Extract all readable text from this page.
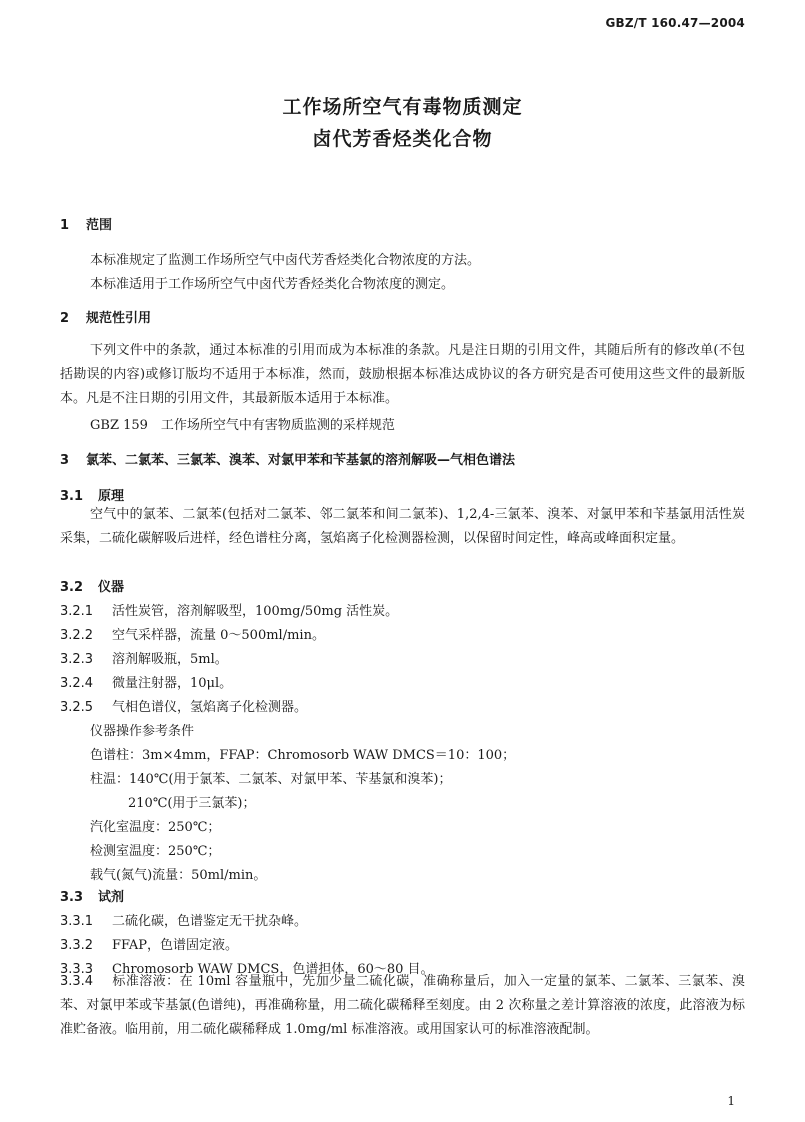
GBZ/T 160.47—2004
工作场所空气有毒物质测定
卤代芳香烃类化合物
1 范围
本标准规定了监测工作场所空气中卤代芳香烃类化合物浓度的方法。
本标准适用于工作场所空气中卤代芳香烃类化合物浓度的测定。
2 规范性引用
下列文件中的条款，通过本标准的引用而成为本标准的条款。凡是注日期的引用文件，其随后所有的修改单(不包括勘误的内容)或修订版均不适用于本标准，然而，鼓励根据本标准达成协议的各方研究是否可使用这些文件的最新版本。凡是不注日期的引用文件，其最新版本适用于本标准。
GBZ 159　工作场所空气中有害物质监测的采样规范
3 氯苯、二氯苯、三氯苯、溴苯、对氯甲苯和苄基氯的溶剂解吸—气相色谱法
3.1 原理
空气中的氯苯、二氯苯(包括对二氯苯、邻二氯苯和间二氯苯)、1,2,4-三氯苯、溴苯、对氯甲苯和苄基氯用活性炭采集，二硫化碳解吸后进样，经色谱柱分离，氢焰离子化检测器检测，以保留时间定性，峰高或峰面积定量。
3.2 仪器
3.2.1 活性炭管，溶剂解吸型，100mg/50mg 活性炭。
3.2.2 空气采样器，流量 0～500ml/min。
3.2.3 溶剂解吸瓶，5ml。
3.2.4 微量注射器，10μl。
3.2.5 气相色谱仪，氢焰离子化检测器。
仪器操作参考条件
色谱柱：3m×4mm，FFAP：Chromosorb WAW DMCS＝10：100；
柱温：140℃(用于氯苯、二氯苯、对氯甲苯、苄基氯和溴苯)；
210℃(用于三氯苯)；
汽化室温度：250℃；
检测室温度：250℃；
载气(氮气)流量：50ml/min。
3.3 试剂
3.3.1 二硫化碳，色谱鉴定无干扰杂峰。
3.3.2 FFAP，色谱固定液。
3.3.3 Chromosorb WAW DMCS，色谱担体，60～80 目。
3.3.4 标准溶液：在 10ml 容量瓶中，先加少量二硫化碳，准确称量后，加入一定量的氯苯、二氯苯、三氯苯、溴苯、对氯甲苯或苄基氯(色谱纯)，再准确称量，用二硫化碳稀释至刻度。由 2 次称量之差计算溶液的浓度，此溶液为标准贮备液。临用前，用二硫化碳稀释成 1.0mg/ml 标准溶液。或用国家认可的标准溶液配制。
1
